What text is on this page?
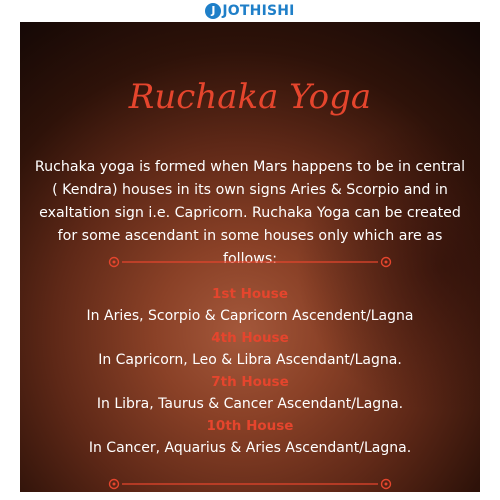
J JOTHISHI
Ruchaka Yoga
Ruchaka yoga is formed when Mars happens to be in central ( Kendra) houses in its own signs Aries & Scorpio and in exaltation sign i.e. Capricorn. Ruchaka Yoga can be created for some ascendant in some houses only which are as follows:
1st House
In Aries, Scorpio & Capricorn Ascendent/Lagna
4th House
In Capricorn, Leo & Libra Ascendant/Lagna.
7th House
In Libra, Taurus & Cancer Ascendant/Lagna.
10th House
In Cancer, Aquarius & Aries Ascendant/Lagna.
